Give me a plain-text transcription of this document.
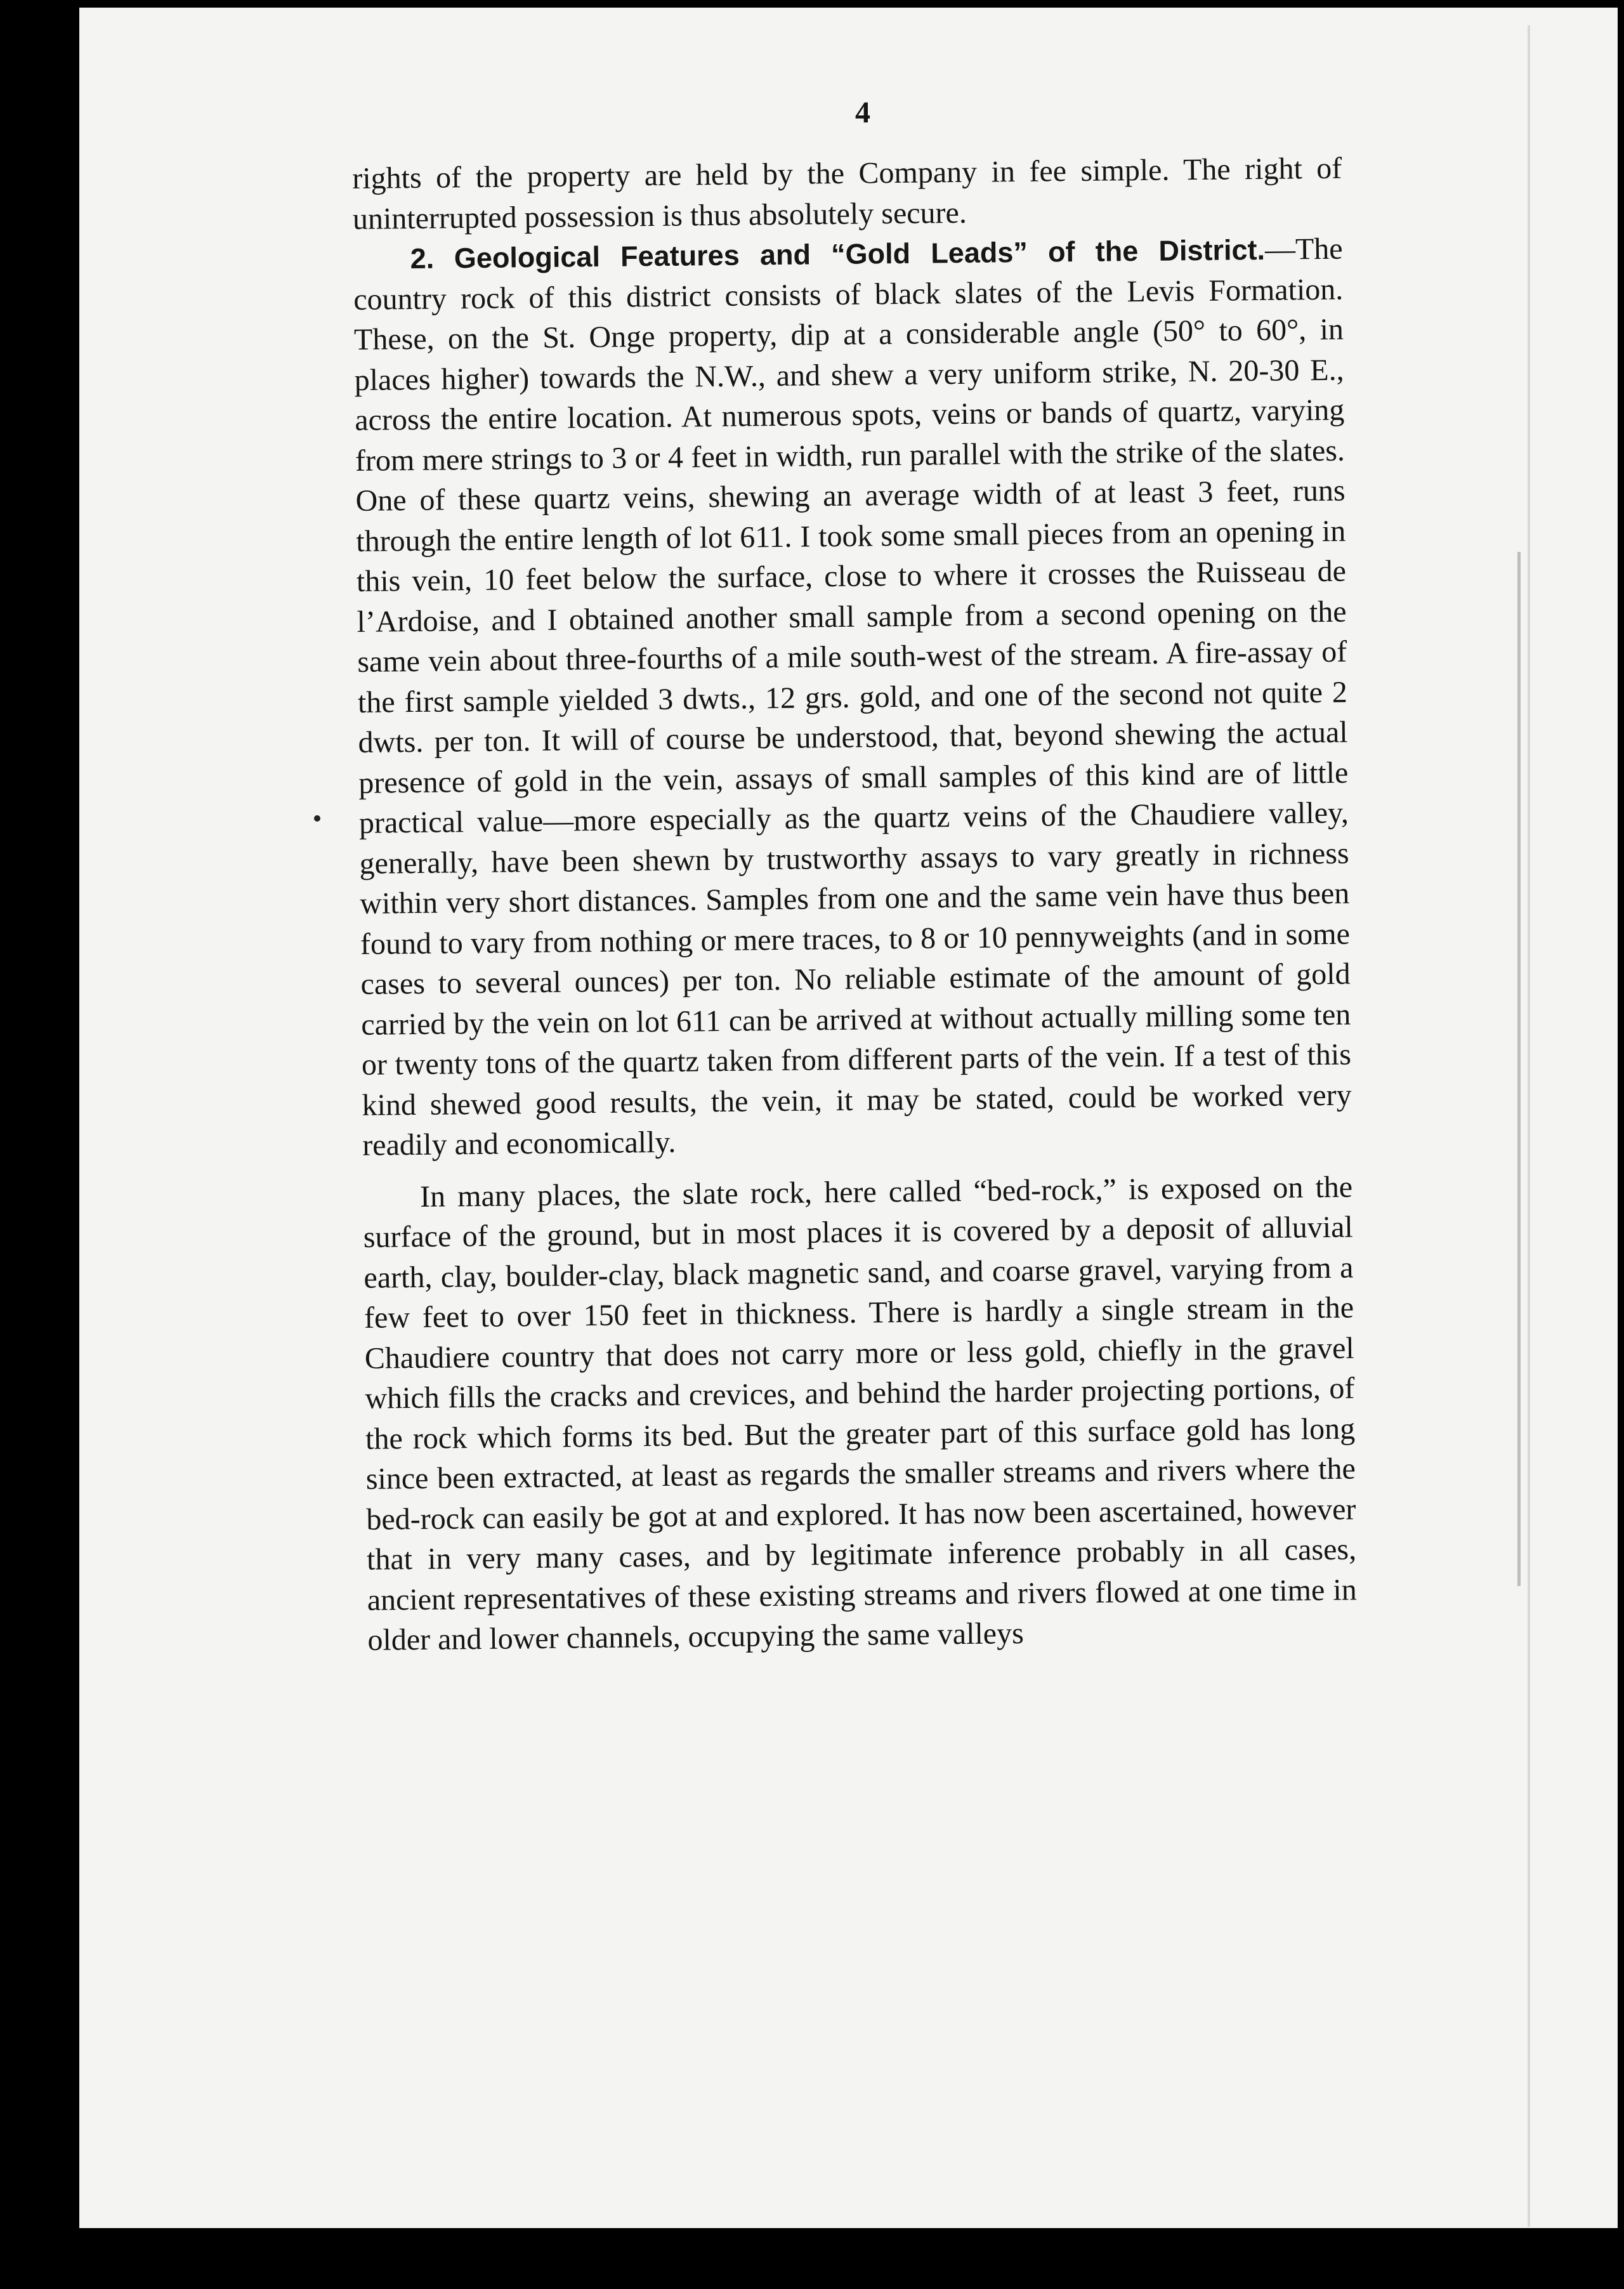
4

rights of the property are held by the Company in fee simple. The right of uninterrupted possession is thus absolutely secure.

2. Geological Features and “Gold Leads” of the District.—The country rock of this district consists of black slates of the Levis Formation. These, on the St. Onge property, dip at a considerable angle (50° to 60°, in places higher) towards the N.W., and shew a very uniform strike, N. 20-30 E., across the entire location. At numerous spots, veins or bands of quartz, varying from mere strings to 3 or 4 feet in width, run parallel with the strike of the slates. One of these quartz veins, shewing an average width of at least 3 feet, runs through the entire length of lot 611. I took some small pieces from an opening in this vein, 10 feet below the surface, close to where it crosses the Ruisseau de l’Ardoise, and I obtained another small sample from a second opening on the same vein about three-fourths of a mile south-west of the stream. A fire-assay of the first sample yielded 3 dwts., 12 grs. gold, and one of the second not quite 2 dwts. per ton. It will of course be understood, that, beyond shewing the actual presence of gold in the vein, assays of small samples of this kind are of little practical value—more especially as the quartz veins of the Chaudiere valley, generally, have been shewn by trustworthy assays to vary greatly in richness within very short distances. Samples from one and the same vein have thus been found to vary from nothing or mere traces, to 8 or 10 pennyweights (and in some cases to several ounces) per ton. No reliable estimate of the amount of gold carried by the vein on lot 611 can be arrived at without actually milling some ten or twenty tons of the quartz taken from different parts of the vein. If a test of this kind shewed good results, the vein, it may be stated, could be worked very readily and economically.

In many places, the slate rock, here called “bed-rock,” is exposed on the surface of the ground, but in most places it is covered by a deposit of alluvial earth, clay, boulder-clay, black magnetic sand, and coarse gravel, varying from a few feet to over 150 feet in thickness. There is hardly a single stream in the Chaudiere country that does not carry more or less gold, chiefly in the gravel which fills the cracks and crevices, and behind the harder projecting portions, of the rock which forms its bed. But the greater part of this surface gold has long since been extracted, at least as regards the smaller streams and rivers where the bed-rock can easily be got at and explored. It has now been ascertained, however that in very many cases, and by legitimate inference probably in all cases, ancient representatives of these existing streams and rivers flowed at one time in older and lower channels, occupying the same valleys
